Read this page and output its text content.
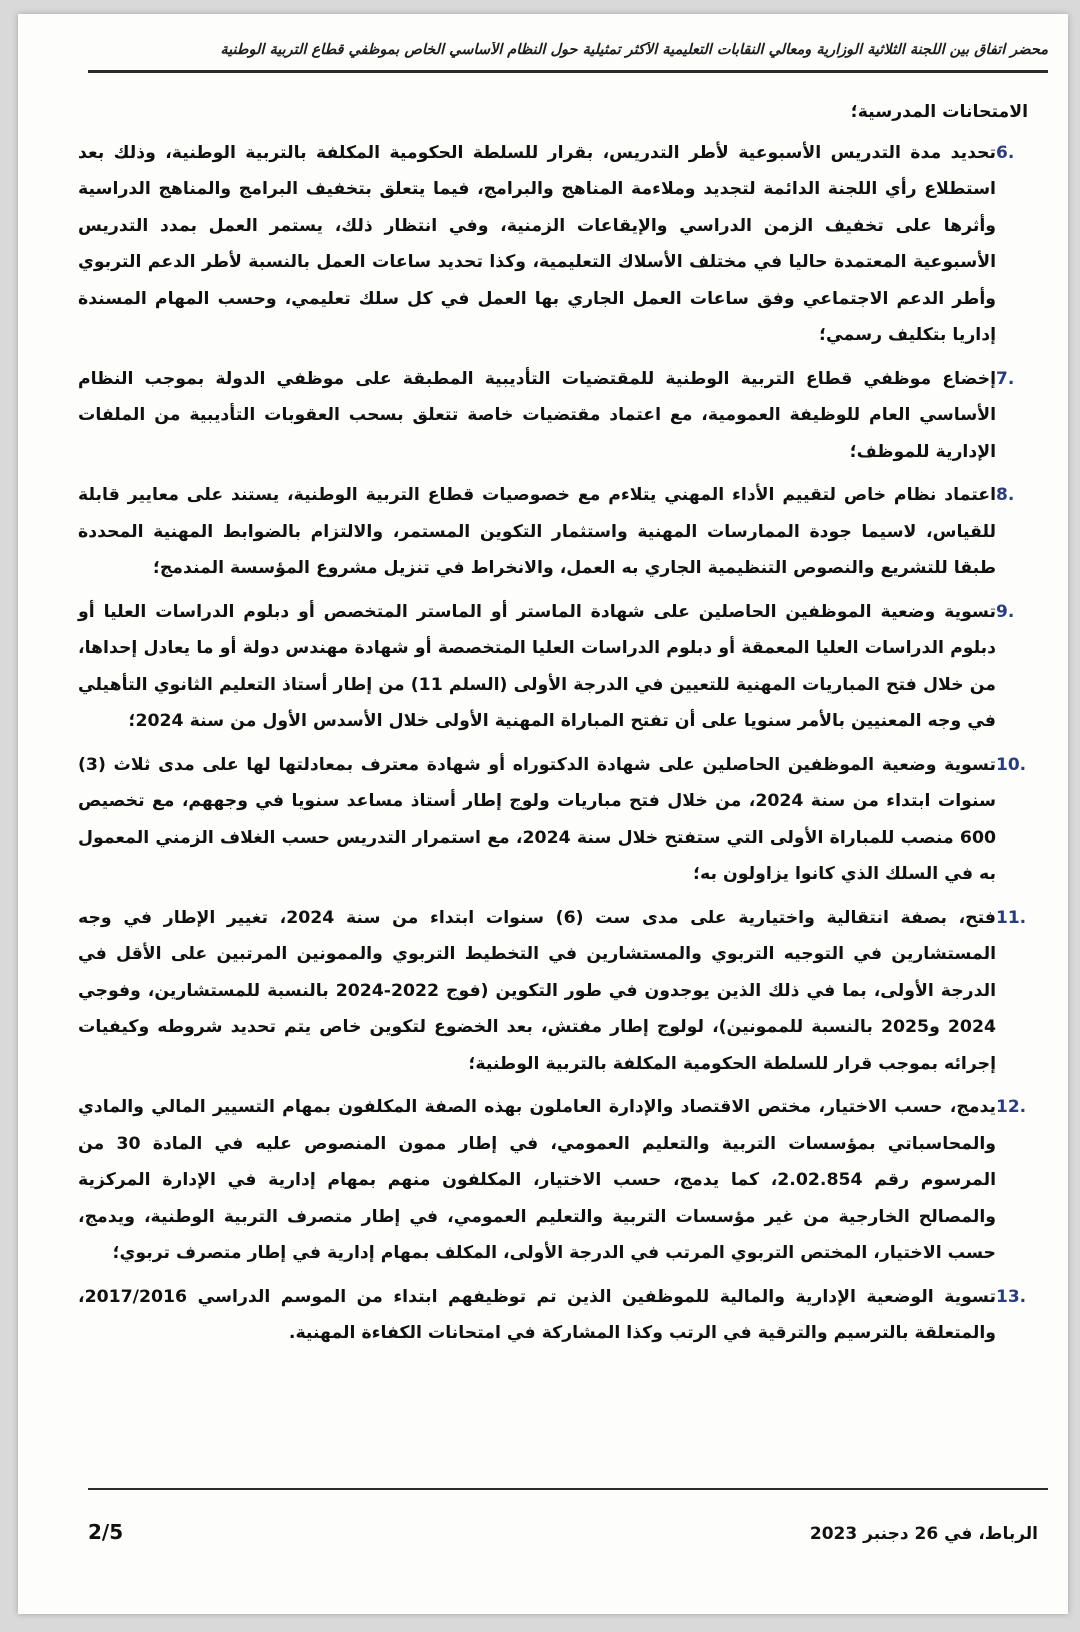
محضر اتفاق بين اللجنة الثلاثية الوزارية ومعالي النقابات التعليمية الأكثر تمثيلية حول النظام الأساسي الخاص بموظفي قطاع التربية الوطنية
الامتحانات المدرسية؛
6.
تحديد مدة التدريس الأسبوعية لأطر التدريس، بقرار للسلطة الحكومية المكلفة بالتربية الوطنية، وذلك بعد استطلاع رأي اللجنة الدائمة لتجديد وملاءمة المناهج والبرامج، فيما يتعلق بتخفيف البرامج والمناهج الدراسية وأثرها على تخفيف الزمن الدراسي والإيقاعات الزمنية، وفي انتظار ذلك، يستمر العمل بمدد التدريس الأسبوعية المعتمدة حاليا في مختلف الأسلاك التعليمية، وكذا تحديد ساعات العمل بالنسبة لأطر الدعم التربوي وأطر الدعم الاجتماعي وفق ساعات العمل الجاري بها العمل في كل سلك تعليمي، وحسب المهام المسندة إداريا بتكليف رسمي؛
7.
إخضاع موظفي قطاع التربية الوطنية للمقتضيات التأديبية المطبقة على موظفي الدولة بموجب النظام الأساسي العام للوظيفة العمومية، مع اعتماد مقتضيات خاصة تتعلق بسحب العقوبات التأديبية من الملفات الإدارية للموظف؛
8.
اعتماد نظام خاص لتقييم الأداء المهني يتلاءم مع خصوصيات قطاع التربية الوطنية، يستند على معايير قابلة للقياس، لاسيما جودة الممارسات المهنية واستثمار التكوين المستمر، والالتزام بالضوابط المهنية المحددة طبقا للتشريع والنصوص التنظيمية الجاري به العمل، والانخراط في تنزيل مشروع المؤسسة المندمج؛
9.
تسوية وضعية الموظفين الحاصلين على شهادة الماستر أو الماستر المتخصص أو دبلوم الدراسات العليا أو دبلوم الدراسات العليا المعمقة أو دبلوم الدراسات العليا المتخصصة أو شهادة مهندس دولة أو ما يعادل إحداها، من خلال فتح المباريات المهنية للتعيين في الدرجة الأولى (السلم 11) من إطار أستاذ التعليم الثانوي التأهيلي في وجه المعنيين بالأمر سنويا على أن تفتح المباراة المهنية الأولى خلال الأسدس الأول من سنة 2024؛
10.
تسوية وضعية الموظفين الحاصلين على شهادة الدكتوراه أو شهادة معترف بمعادلتها لها على مدى ثلاث (3) سنوات ابتداء من سنة 2024، من خلال فتح مباريات ولوج إطار أستاذ مساعد سنويا في وجههم، مع تخصيص 600 منصب للمباراة الأولى التي ستفتح خلال سنة 2024، مع استمرار التدريس حسب الغلاف الزمني المعمول به في السلك الذي كانوا يزاولون به؛
11.
فتح، بصفة انتقالية واختيارية على مدى ست (6) سنوات ابتداء من سنة 2024، تغيير الإطار في وجه المستشارين في التوجيه التربوي والمستشارين في التخطيط التربوي والممونين المرتبين على الأقل في الدرجة الأولى، بما في ذلك الذين يوجدون في طور التكوين (فوج 2022-2024 بالنسبة للمستشارين، وفوجي 2024 و2025 بالنسبة للممونين)، لولوج إطار مفتش، بعد الخضوع لتكوين خاص يتم تحديد شروطه وكيفيات إجرائه بموجب قرار للسلطة الحكومية المكلفة بالتربية الوطنية؛
12.
يدمج، حسب الاختيار، مختص الاقتصاد والإدارة العاملون بهذه الصفة المكلفون بمهام التسيير المالي والمادي والمحاسباتي بمؤسسات التربية والتعليم العمومي، في إطار ممون المنصوص عليه في المادة 30 من المرسوم رقم 2.02.854، كما يدمج، حسب الاختيار، المكلفون منهم بمهام إدارية في الإدارة المركزية والمصالح الخارجية من غير مؤسسات التربية والتعليم العمومي، في إطار متصرف التربية الوطنية، ويدمج، حسب الاختيار، المختص التربوي المرتب في الدرجة الأولى، المكلف بمهام إدارية في إطار متصرف تربوي؛
13.
تسوية الوضعية الإدارية والمالية للموظفين الذين تم توظيفهم ابتداء من الموسم الدراسي 2017/2016، والمتعلقة بالترسيم والترقية في الرتب وكذا المشاركة في امتحانات الكفاءة المهنية.
الرباط، في 26 دجنبر 2023
2/5
